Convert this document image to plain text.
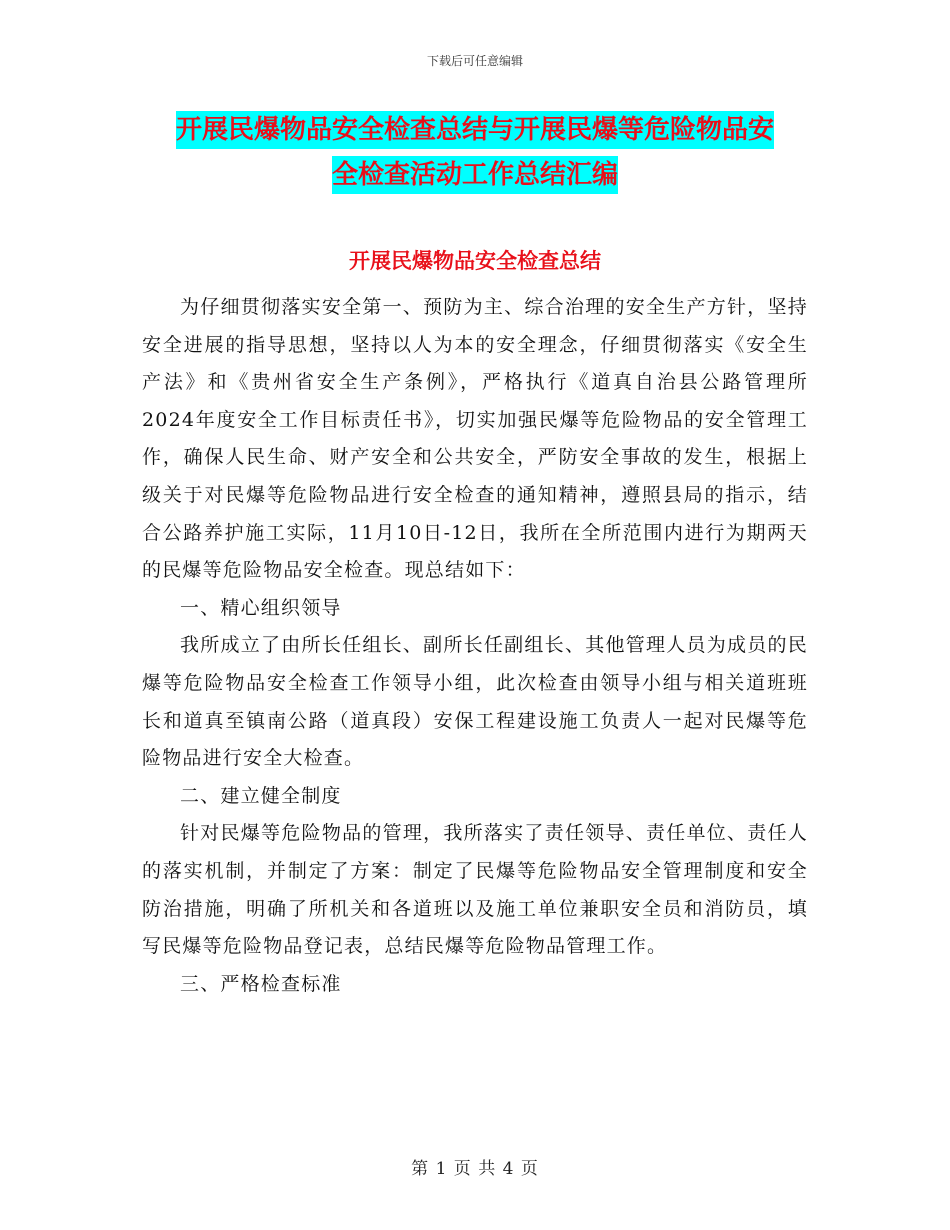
下载后可任意编辑
开展民爆物品安全检查总结与开展民爆等危险物品安
全检查活动工作总结汇编
开展民爆物品安全检查总结

为仔细贯彻落实安全第一、预防为主、综合治理的安全生产方针，坚持安全进展的指导思想，坚持以人为本的安全理念，仔细贯彻落实《安全生产法》和《贵州省安全生产条例》，严格执行《道真自治县公路管理所2024年度安全工作目标责任书》，切实加强民爆等危险物品的安全管理工作，确保人民生命、财产安全和公共安全，严防安全事故的发生，根据上级关于对民爆等危险物品进行安全检查的通知精神，遵照县局的指示，结合公路养护施工实际，11月10日-12日，我所在全所范围内进行为期两天的民爆等危险物品安全检查。现总结如下：

一、精心组织领导

我所成立了由所长任组长、副所长任副组长、其他管理人员为成员的民爆等危险物品安全检查工作领导小组，此次检查由领导小组与相关道班班长和道真至镇南公路（道真段）安保工程建设施工负责人一起对民爆等危险物品进行安全大检查。

二、建立健全制度

针对民爆等危险物品的管理，我所落实了责任领导、责任单位、责任人的落实机制，并制定了方案：制定了民爆等危险物品安全管理制度和安全防治措施，明确了所机关和各道班以及施工单位兼职安全员和消防员，填写民爆等危险物品登记表，总结民爆等危险物品管理工作。

三、严格检查标准

第 1 页 共 4 页
